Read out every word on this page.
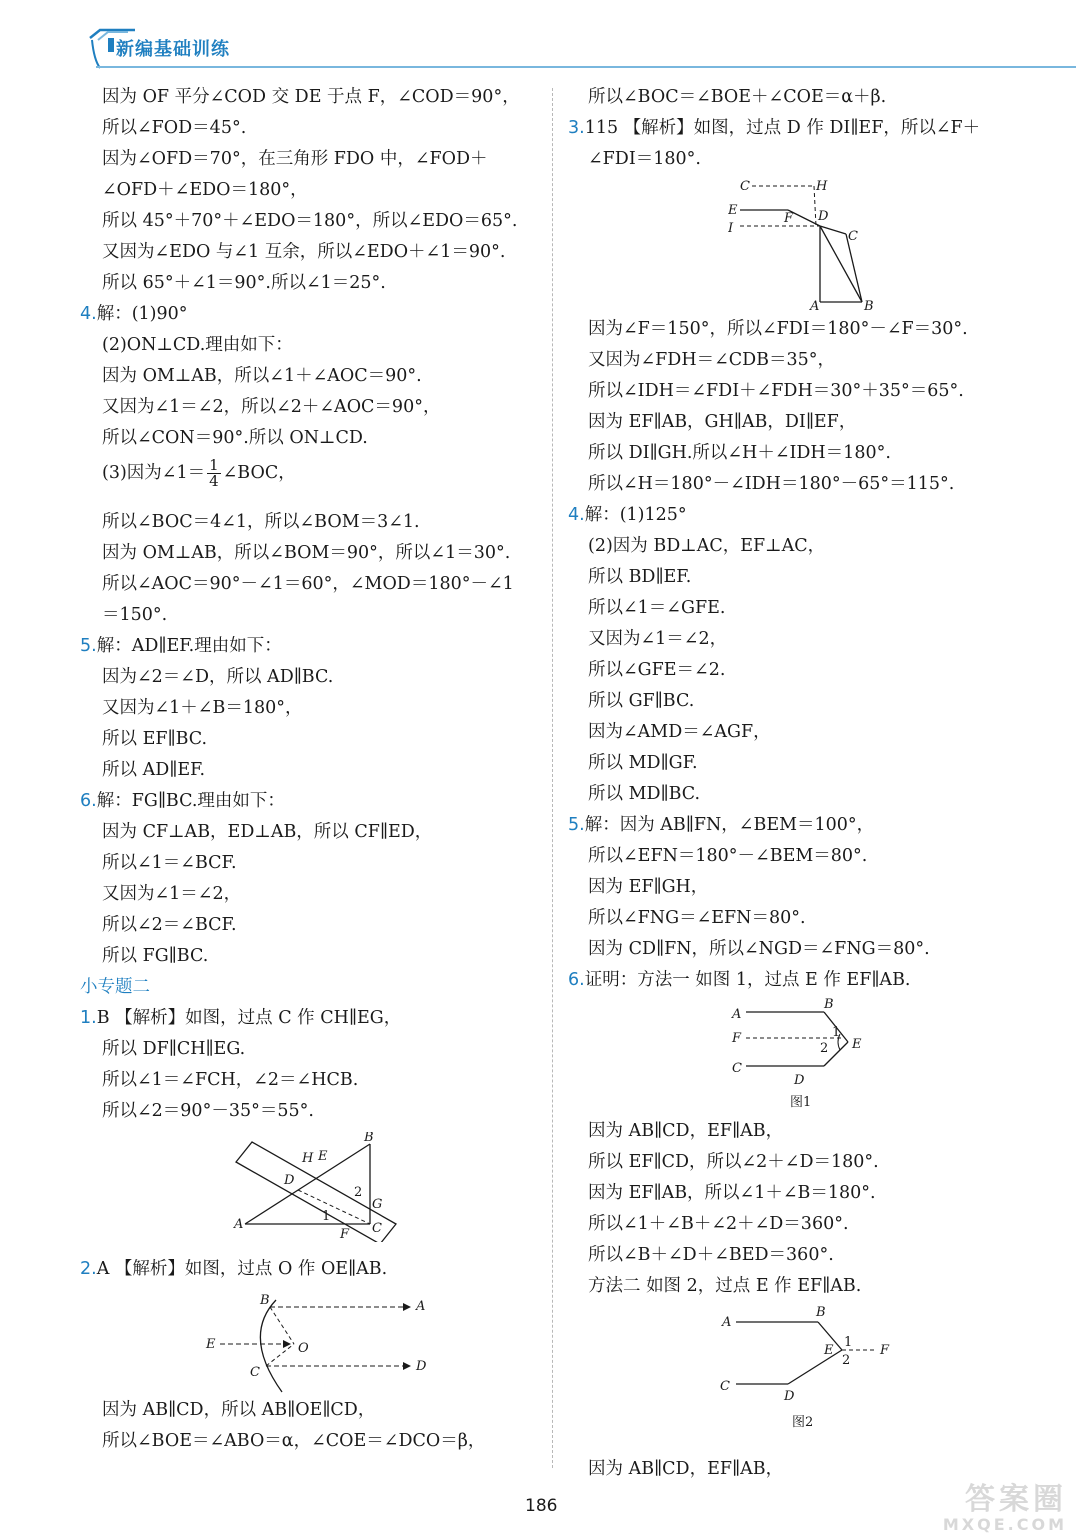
新编基础训练
(3)因为∠1＝ $\frac{1}{4}$ ∠BOC，
B
H E
D
2
G
A
1
F C
B	A
E	O
C	D
因为 OF 平分∠COD 交 DE 于点 F，∠COD＝90°，
所以∠FOD＝45°.
因为∠OFD＝70°，在三角形 FDO 中，∠FOD＋
∠OFD＋∠EDO＝180°，
所以 45°＋70°＋∠EDO＝180°，所以∠EDO＝65°.
又因为∠EDO 与∠1 互余，所以∠EDO＋∠1＝90°.
所以 65°＋∠1＝90°.所以∠1＝25°.
4.解：(1)90°
(2)ON⊥CD.理由如下：
因为 OM⊥AB，所以∠1＋∠AOC＝90°.
又因为∠1＝∠2，所以∠2＋∠AOC＝90°，
所以∠CON＝90°.所以 ON⊥CD.
所以∠BOC＝4∠1，所以∠BOM＝3∠1.
因为 OM⊥AB，所以∠BOM＝90°，所以∠1＝30°.
所以∠AOC＝90°－∠1＝60°，∠MOD＝180°－∠1
＝150°.
5.解：AD∥EF.理由如下：
因为∠2＝∠D，所以 AD∥BC.
又因为∠1＋∠B＝180°，
所以 EF∥BC.
所以 AD∥EF.
6.解：FG∥BC.理由如下：
因为 CF⊥AB，ED⊥AB，所以 CF∥ED，
所以∠1＝∠BCF.
又因为∠1＝∠2，
所以∠2＝∠BCF.
所以 FG∥BC.
小专题二
1.B 【解析】如图，过点 C 作 CH∥EG，
所以 DF∥CH∥EG.
所以∠1＝∠FCH，∠2＝∠HCB.
所以∠2＝90°－35°＝55°.
2.A 【解析】如图，过点 O 作 OE∥AB.
因为 AB∥CD，所以 AB∥OE∥CD，
所以∠BOE＝∠ABO＝α，∠COE＝∠DCO＝β，
C	H
E
F D
I
C
A	B
A
B
F	1
E
2
C
D
图1
A
B
1
E	F
2
C
D
图2
所以∠BOC＝∠BOE＋∠COE＝α＋β.
3.115 【解析】如图，过点 D 作 DI∥EF，所以∠F＋
∠FDI＝180°.
因为∠F＝150°，所以∠FDI＝180°－∠F＝30°.
又因为∠FDH＝∠CDB＝35°，
所以∠IDH＝∠FDI＋∠FDH＝30°＋35°＝65°.
因为 EF∥AB，GH∥AB，DI∥EF，
所以 DI∥GH.所以∠H＋∠IDH＝180°.
所以∠H＝180°－∠IDH＝180°－65°＝115°.
4.解：(1)125°
(2)因为 BD⊥AC，EF⊥AC，
所以 BD∥EF.
所以∠1＝∠GFE.
又因为∠1＝∠2，
所以∠GFE＝∠2.
所以 GF∥BC.
因为∠AMD＝∠AGF，
所以 MD∥GF.
所以 MD∥BC.
5.解：因为 AB∥FN，∠BEM＝100°，
所以∠EFN＝180°－∠BEM＝80°.
因为 EF∥GH，
所以∠FNG＝∠EFN＝80°.
因为 CD∥FN，所以∠NGD＝∠FNG＝80°.
6.证明：方法一 如图 1，过点 E 作 EF∥AB.
因为 AB∥CD，EF∥AB，
所以 EF∥CD，所以∠2＋∠D＝180°.
因为 EF∥AB，所以∠1＋∠B＝180°.
所以∠1＋∠B＋∠2＋∠D＝360°.
所以∠B＋∠D＋∠BED＝360°.
方法二 如图 2，过点 E 作 EF∥AB.
因为 AB∥CD，EF∥AB，
186	答案圈
MXQE.COM
